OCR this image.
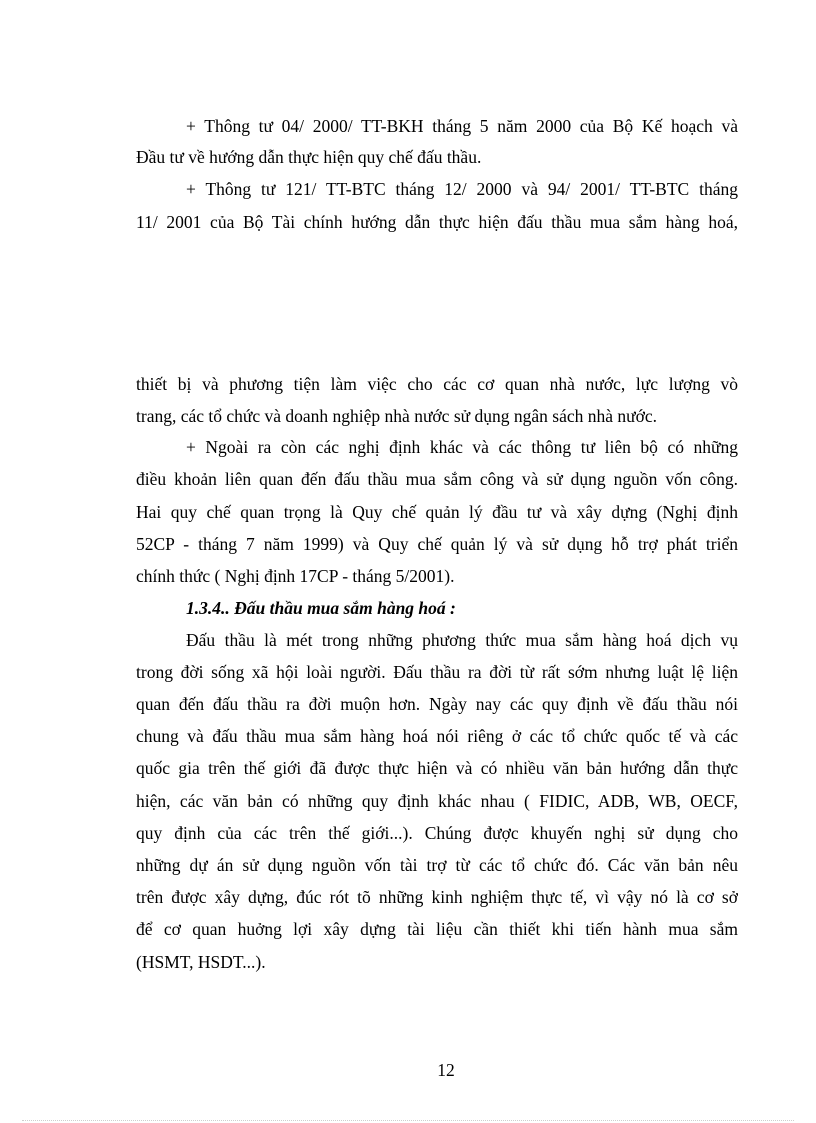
+ Thông tư 04/ 2000/ TT-BKH tháng 5 năm 2000 của Bộ Kế hoạch và
Đầu tư về hướng dẫn thực hiện quy chế đấu thầu.
+ Thông tư 121/ TT-BTC tháng 12/ 2000 và 94/ 2001/ TT-BTC tháng
11/ 2001 của Bộ Tài chính hướng dẫn thực hiện đấu thầu mua sắm hàng hoá,
thiết bị và phương tiện làm việc cho các cơ quan nhà nước, lực lượng vò
trang, các tổ chức và doanh nghiệp nhà nước sử dụng ngân sách nhà nước.
+ Ngoài ra còn các nghị định khác và các thông tư liên bộ có những
điều khoản liên quan đến đấu thầu mua sắm công và sử dụng nguồn vốn công.
Hai quy chế quan trọng là Quy chế quản lý đầu tư và xây dựng (Nghị định
52CP - tháng 7 năm 1999) và Quy chế quản lý và sử dụng hỗ trợ phát triển
chính thức ( Nghị định 17CP - tháng 5/2001).
1.3.4.. Đấu thầu mua sắm hàng hoá :
Đấu thầu là mét trong những phương thức mua sắm hàng hoá dịch vụ
trong đời sống xã hội loài người. Đấu thầu ra đời từ rất sớm nhưng luật lệ liện
quan đến đấu thầu ra đời muộn hơn. Ngày nay các quy định về đấu thầu nói
chung và đấu thầu mua sắm hàng hoá nói riêng ở các tổ chức quốc tế và các
quốc gia trên thế giới đã được thực hiện và có nhiều văn bản hướng dẫn thực
hiện, các văn bản có những quy định khác nhau ( FIDIC, ADB, WB, OECF,
quy định của các trên thế giới...). Chúng được khuyến nghị sử dụng cho
những dự án sử dụng nguồn vốn tài trợ từ các tổ chức đó. Các văn bản nêu
trên được xây dựng, đúc rót tõ những kinh nghiệm thực tế, vì vậy nó là cơ sở
để cơ quan huởng lợi xây dựng tài liệu cần thiết khi tiến hành mua sắm
(HSMT, HSDT...).
12
